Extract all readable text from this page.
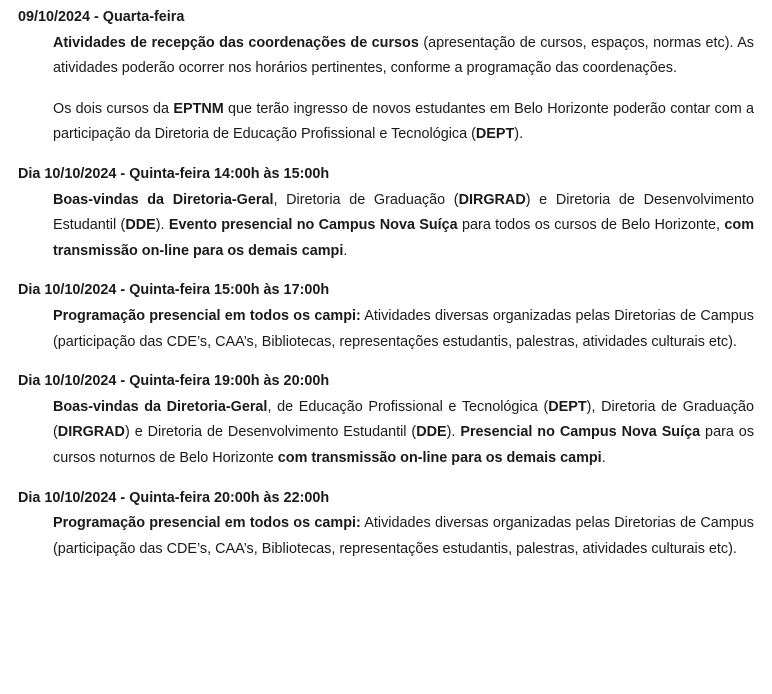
09/10/2024 - Quarta-feira

Atividades de recepção das coordenações de cursos (apresentação de cursos, espaços, normas etc). As atividades poderão ocorrer nos horários pertinentes, conforme a programação das coordenações.

Os dois cursos da EPTNM que terão ingresso de novos estudantes em Belo Horizonte poderão contar com a participação da Diretoria de Educação Profissional e Tecnológica (DEPT).

Dia 10/10/2024 - Quinta-feira 14:00h às 15:00h

Boas-vindas da Diretoria-Geral, Diretoria de Graduação (DIRGRAD) e Diretoria de Desenvolvimento Estudantil (DDE). Evento presencial no Campus Nova Suíça para todos os cursos de Belo Horizonte, com transmissão on-line para os demais campi.

Dia 10/10/2024 - Quinta-feira 15:00h às 17:00h

Programação presencial em todos os campi: Atividades diversas organizadas pelas Diretorias de Campus (participação das CDE’s, CAA’s, Bibliotecas, representações estudantis, palestras, atividades culturais etc).

Dia 10/10/2024 - Quinta-feira 19:00h às 20:00h

Boas-vindas da Diretoria-Geral, de Educação Profissional e Tecnológica (DEPT), Diretoria de Graduação (DIRGRAD) e Diretoria de Desenvolvimento Estudantil (DDE). Presencial no Campus Nova Suíça para os cursos noturnos de Belo Horizonte com transmissão on-line para os demais campi.

Dia 10/10/2024 - Quinta-feira 20:00h às 22:00h

Programação presencial em todos os campi: Atividades diversas organizadas pelas Diretorias de Campus (participação das CDE’s, CAA’s, Bibliotecas, representações estudantis, palestras, atividades culturais etc).
